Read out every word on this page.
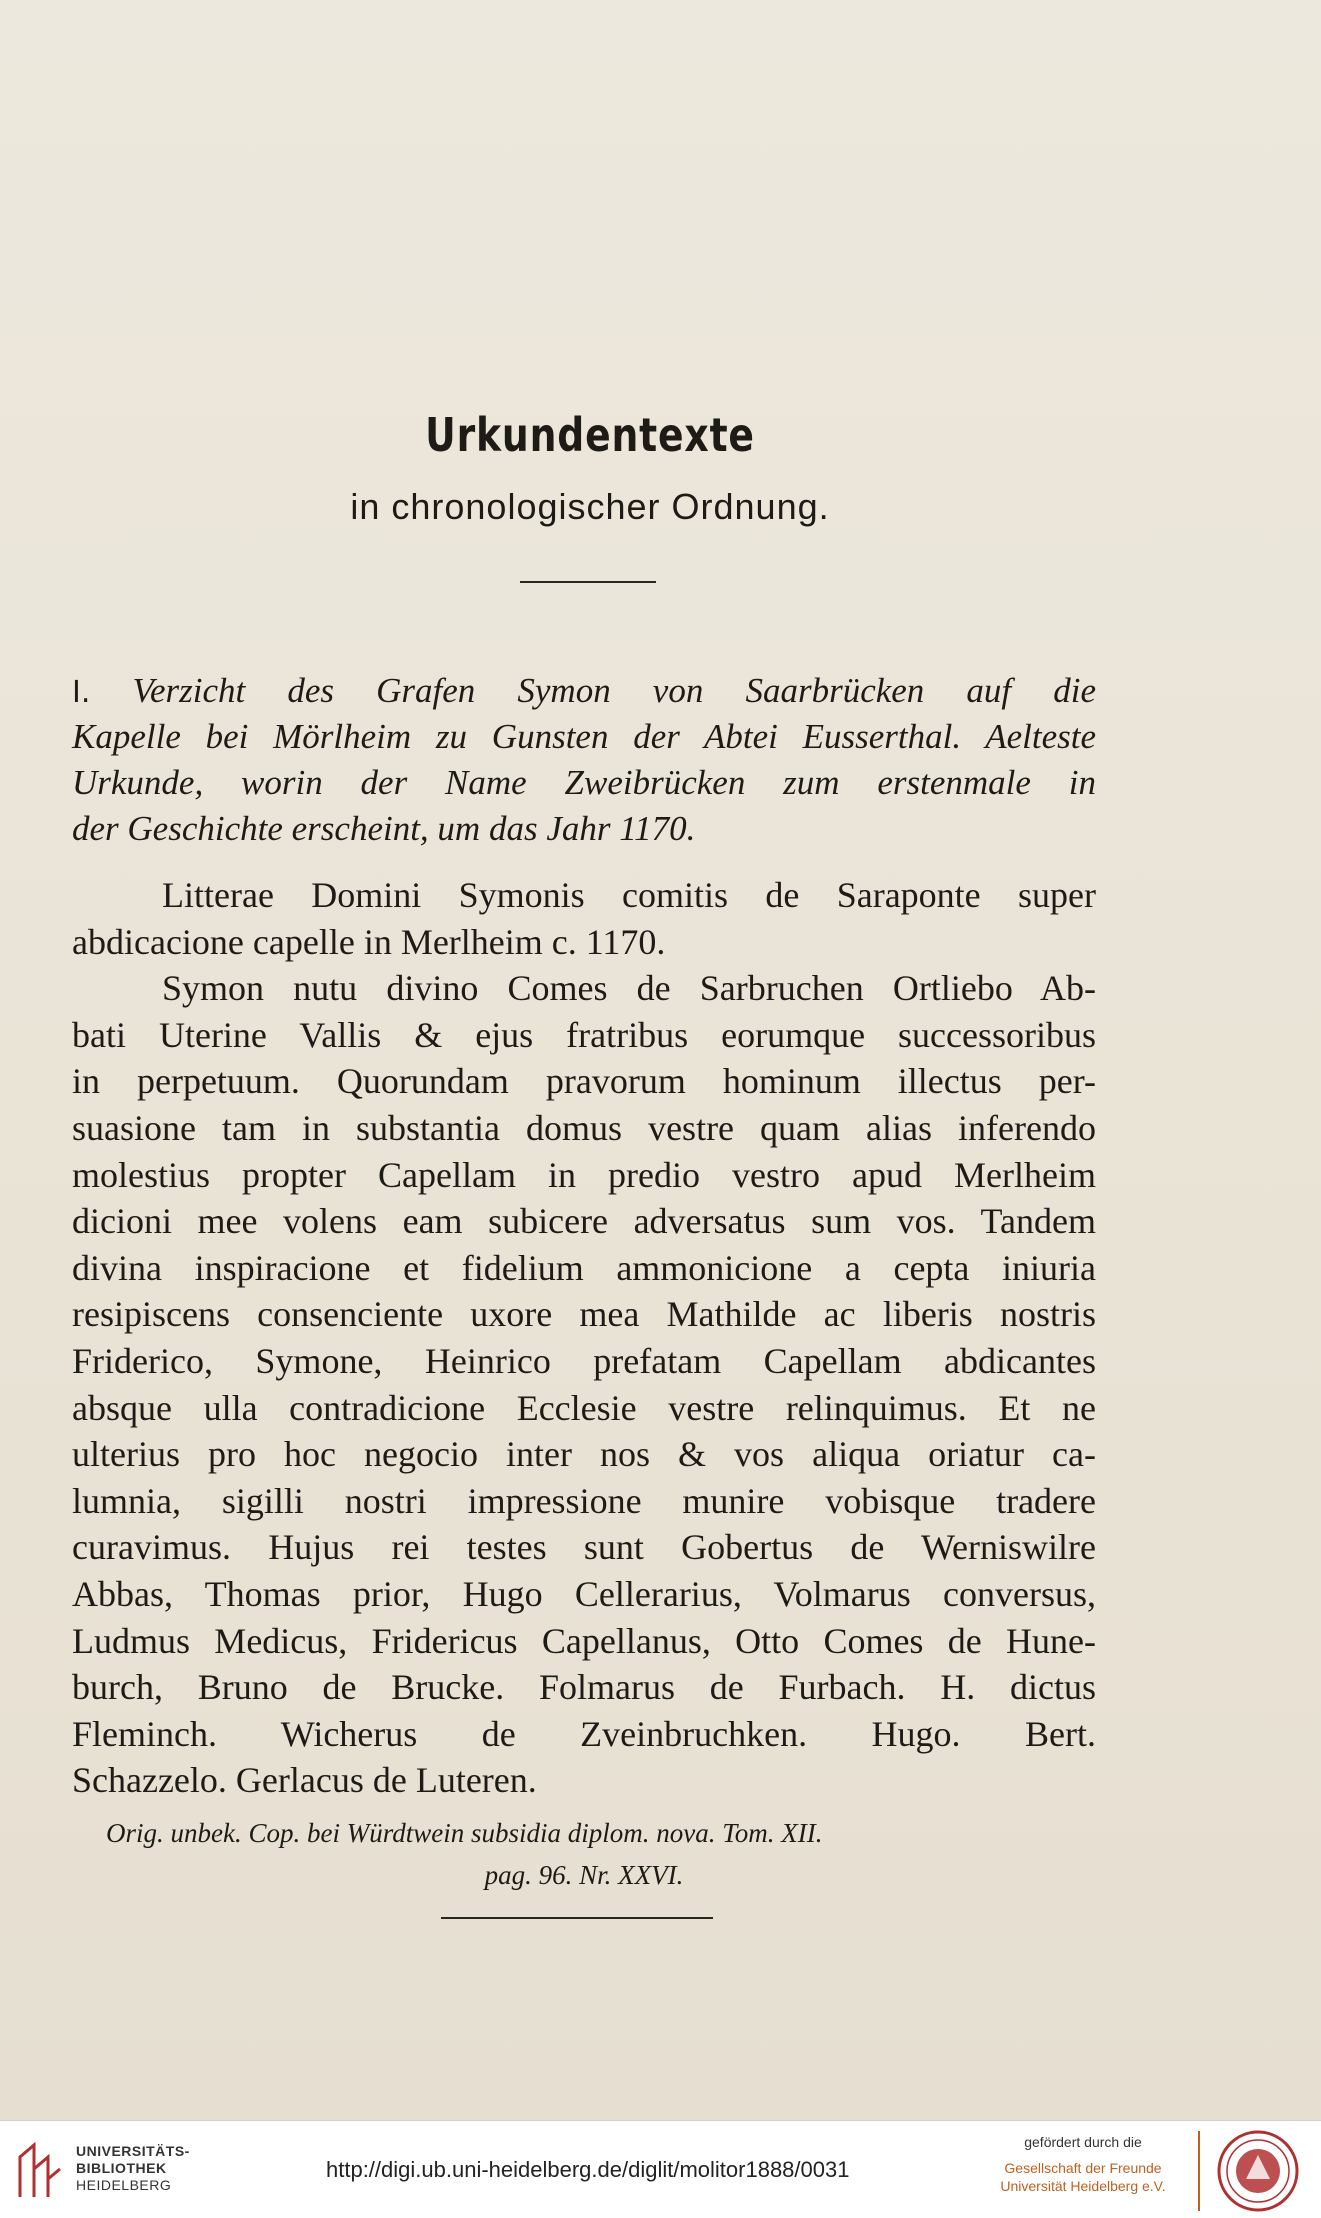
Urkundentexte
in chronologischer Ordnung.
I. Verzicht des Grafen Symon von Saarbrücken auf die
Kapelle bei Mörlheim zu Gunsten der Abtei Eusserthal. Aelteste
Urkunde, worin der Name Zweibrücken zum erstenmale in
der Geschichte erscheint, um das Jahr 1170.
Litterae Domini Symonis comitis de Saraponte super
abdicacione capelle in Merlheim c. 1170.
Symon nutu divino Comes de Sarbruchen Ortliebo Ab-
bati Uterine Vallis & ejus fratribus eorumque successoribus
in perpetuum. Quorundam pravorum hominum illectus per-
suasione tam in substantia domus vestre quam alias inferendo
molestius propter Capellam in predio vestro apud Merlheim
dicioni mee volens eam subicere adversatus sum vos. Tandem
divina inspiracione et fidelium ammonicione a cepta iniuria
resipiscens consenciente uxore mea Mathilde ac liberis nostris
Friderico, Symone, Heinrico prefatam Capellam abdicantes
absque ulla contradicione Ecclesie vestre relinquimus. Et ne
ulterius pro hoc negocio inter nos & vos aliqua oriatur ca-
lumnia, sigilli nostri impressione munire vobisque tradere
curavimus. Hujus rei testes sunt Gobertus de Werniswilre
Abbas, Thomas prior, Hugo Cellerarius, Volmarus conversus,
Ludmus Medicus, Fridericus Capellanus, Otto Comes de Hune-
burch, Bruno de Brucke. Folmarus de Furbach. H. dictus
Fleminch. Wicherus de Zveinbruchken. Hugo. Bert.
Schazzelo. Gerlacus de Luteren.
Orig. unbek. Cop. bei Würdtwein subsidia diplom. nova. Tom. XII.
pag. 96. Nr. XXVI.
UNIVERSITÄTS-
BIBLIOTHEK
HEIDELBERG
http://digi.ub.uni-heidelberg.de/diglit/molitor1888/0031
gefördert durch die
Gesellschaft der Freunde
Universität Heidelberg e.V.
